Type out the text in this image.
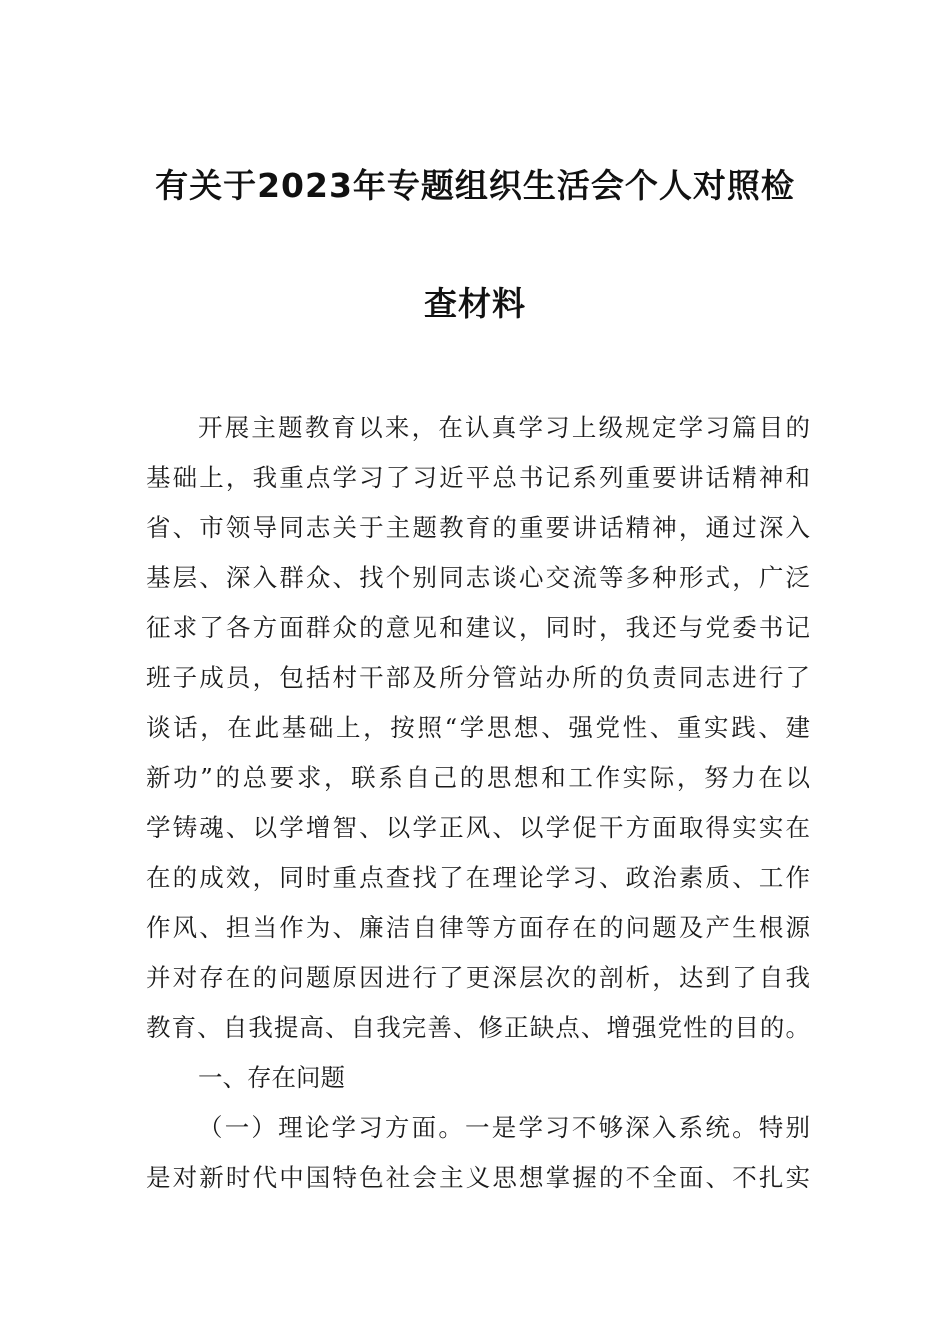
有关于2023年专题组织生活会个人对照检
查材料
开展主题教育以来，在认真学习上级规定学习篇目的
基础上，我重点学习了习近平总书记系列重要讲话精神和
省、市领导同志关于主题教育的重要讲话精神，通过深入
基层、深入群众、找个别同志谈心交流等多种形式，广泛
征求了各方面群众的意见和建议，同时，我还与党委书记
班子成员，包括村干部及所分管站办所的负责同志进行了
谈话，在此基础上，按照“学思想、强党性、重实践、建
新功”的总要求，联系自己的思想和工作实际，努力在以
学铸魂、以学增智、以学正风、以学促干方面取得实实在
在的成效，同时重点查找了在理论学习、政治素质、工作
作风、担当作为、廉洁自律等方面存在的问题及产生根源
并对存在的问题原因进行了更深层次的剖析，达到了自我
教育、自我提高、自我完善、修正缺点、增强党性的目的。
一、存在问题
（一）理论学习方面。一是学习不够深入系统。特别
是对新时代中国特色社会主义思想掌握的不全面、不扎实
